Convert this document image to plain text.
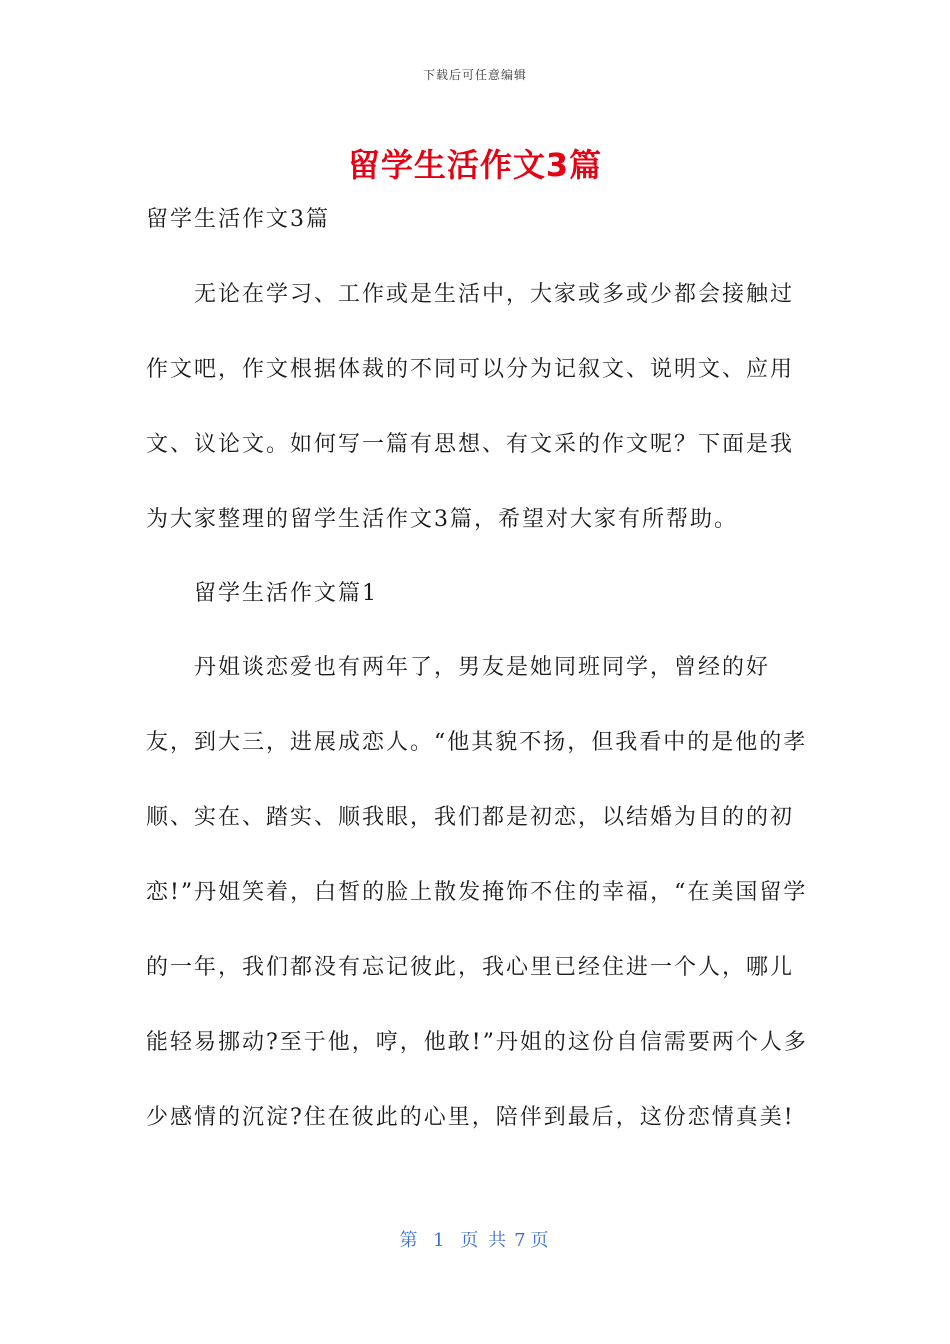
下载后可任意编辑
留学生活作文3篇

留学生活作文3篇

无论在学习、工作或是生活中，大家或多或少都会接触过作文吧，作文根据体裁的不同可以分为记叙文、说明文、应用文、议论文。如何写一篇有思想、有文采的作文呢？下面是我为大家整理的留学生活作文3篇，希望对大家有所帮助。

留学生活作文篇1

丹姐谈恋爱也有两年了，男友是她同班同学，曾经的好友，到大三，进展成恋人。“他其貌不扬，但我看中的是他的孝顺、实在、踏实、顺我眼，我们都是初恋，以结婚为目的的初恋!”丹姐笑着，白皙的脸上散发掩饰不住的幸福，“在美国留学的一年，我们都没有忘记彼此，我心里已经住进一个人，哪儿能轻易挪动?至于他，哼，他敢!”丹姐的这份自信需要两个人多少感情的沉淀?住在彼此的心里，陪伴到最后，这份恋情真美!

第 1 页 共 7 页
